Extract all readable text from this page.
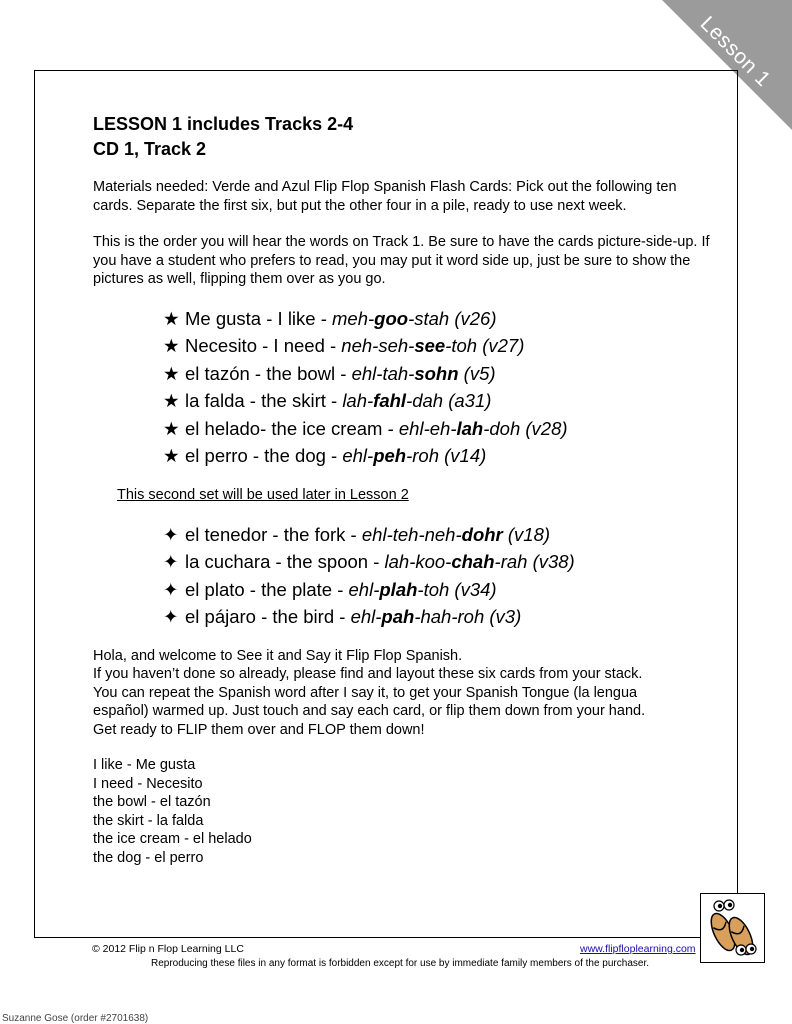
Lesson 1

LESSON 1 includes Tracks 2-4

CD 1, Track 2

Materials needed: Verde and Azul Flip Flop Spanish Flash Cards: Pick out the following ten cards. Separate the first six, but put the other four in a pile, ready to use next week.

This is the order you will hear the words on Track 1. Be sure to have the cards picture-side-up. If you have a student who prefers to read, you may put it word side up, just be sure to show the pictures as well, flipping them over as you go.

★ Me gusta - I like - meh-goo-stah (v26)
★ Necesito - I need - neh-seh-see-toh (v27)
★ el tazón - the bowl - ehl-tah-sohn (v5)
★ la falda - the skirt - lah-fahl-dah (a31)
★ el helado- the ice cream - ehl-eh-lah-doh (v28)
★ el perro - the dog - ehl-peh-roh (v14)
This second set will be used later in Lesson 2
✦ el tenedor - the fork - ehl-teh-neh-dohr (v18)
✦ la cuchara - the spoon - lah-koo-chah-rah (v38)
✦ el plato - the plate - ehl-plah-toh (v34)
✦ el pájaro - the bird - ehl-pah-hah-roh (v3)
Hola, and welcome to See it and Say it Flip Flop Spanish.
If you haven’t done so already, please find and layout these six cards from your stack.
You can repeat the Spanish word after I say it, to get your Spanish Tongue (la lengua
español) warmed up. Just touch and say each card, or flip them down from your hand.
Get ready to FLIP them over and FLOP them down!
I like - Me gusta
I need - Necesito
the bowl - el tazón
the skirt - la falda
the ice cream - el helado
the dog - el perro
© 2012 Flip n Flop Learning LLC	www.flipfloplearning.com
Reproducing these files in any format is forbidden except for use by immediate family members of the purchaser.
Suzanne Gose (order #2701638)
